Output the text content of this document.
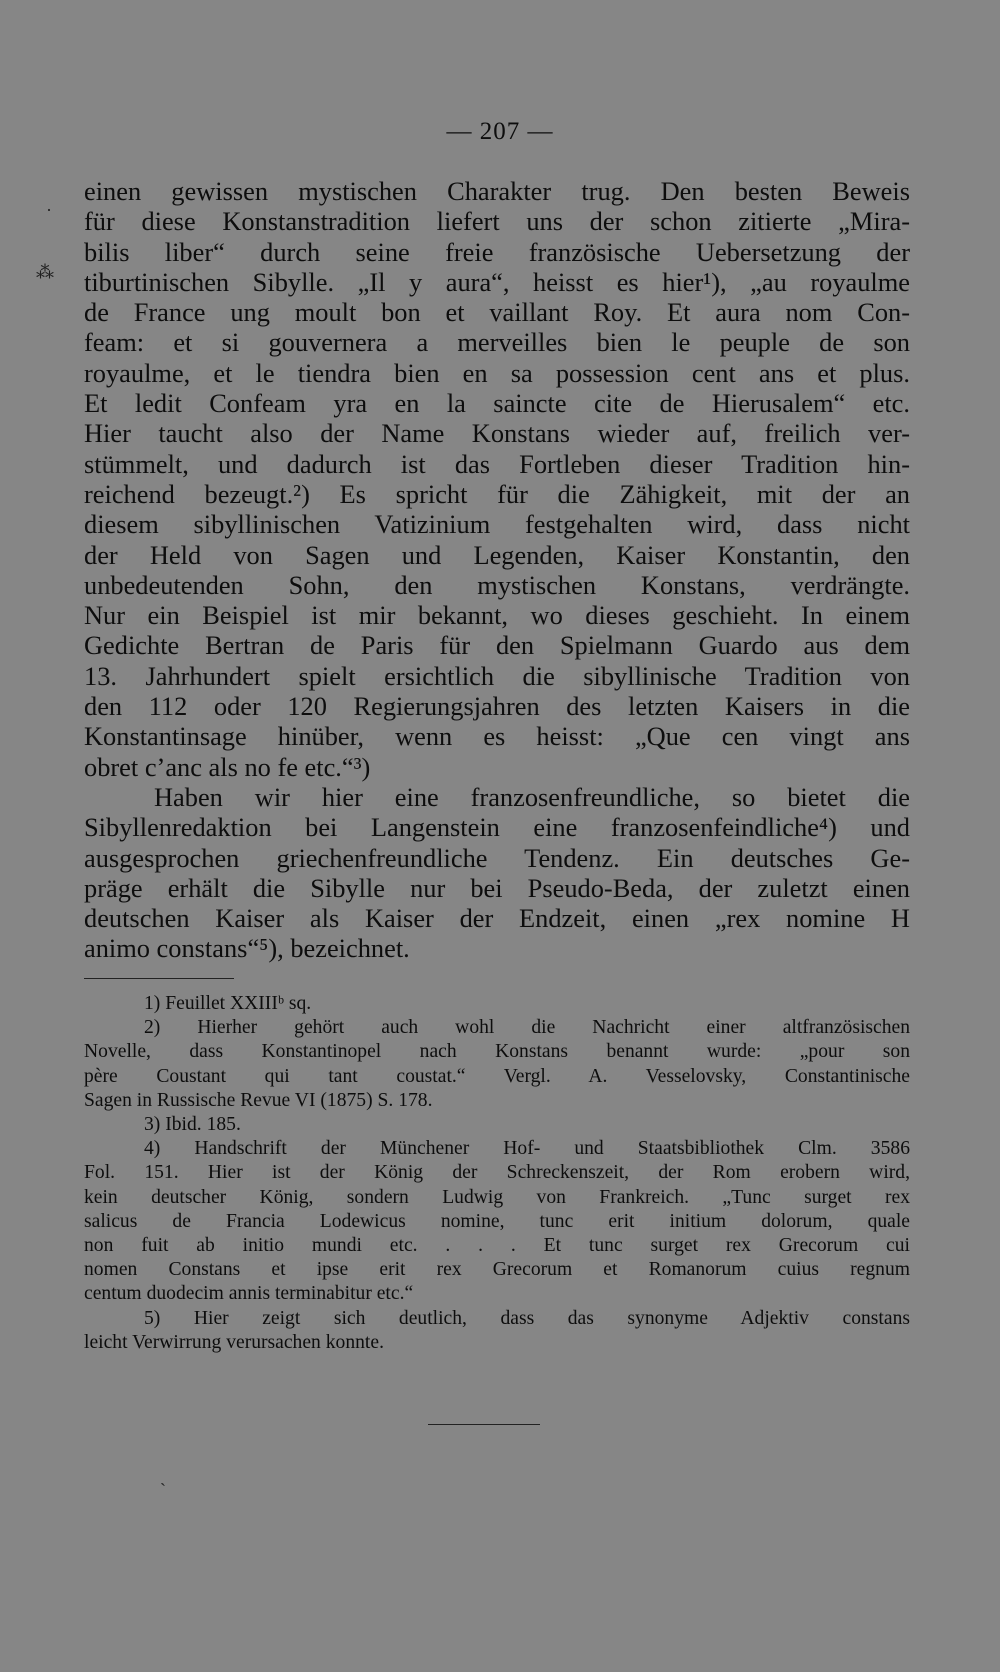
— 207 —
einen gewissen mystischen Charakter trug. Den besten Beweis
für diese Konstanstradition liefert uns der schon zitierte „Mira-
bilis liber“ durch seine freie französische Uebersetzung der
tiburtinischen Sibylle. „Il y aura“, heisst es hier¹), „au royaulme
de France ung moult bon et vaillant Roy. Et aura nom Con-
feam: et si gouvernera a merveilles bien le peuple de son
royaulme, et le tiendra bien en sa possession cent ans et plus.
Et ledit Confeam yra en la saincte cite de Hierusalem“ etc.
Hier taucht also der Name Konstans wieder auf, freilich ver-
stümmelt, und dadurch ist das Fortleben dieser Tradition hin-
reichend bezeugt.²) Es spricht für die Zähigkeit, mit der an
diesem sibyllinischen Vatizinium festgehalten wird, dass nicht
der Held von Sagen und Legenden, Kaiser Konstantin, den
unbedeutenden Sohn, den mystischen Konstans, verdrängte.
Nur ein Beispiel ist mir bekannt, wo dieses geschieht. In einem
Gedichte Bertran de Paris für den Spielmann Guardo aus dem
13. Jahrhundert spielt ersichtlich die sibyllinische Tradition von
den 112 oder 120 Regierungsjahren des letzten Kaisers in die
Konstantinsage hinüber, wenn es heisst: „Que cen vingt ans
obret c’anc als no fe etc.“³)
Haben wir hier eine franzosenfreundliche, so bietet die
Sibyllenredaktion bei Langenstein eine franzosenfeindliche⁴) und
ausgesprochen griechenfreundliche Tendenz. Ein deutsches Ge-
präge erhält die Sibylle nur bei Pseudo-Beda, der zuletzt einen
deutschen Kaiser als Kaiser der Endzeit, einen „rex nomine H
animo constans“⁵), bezeichnet.
1) Feuillet XXIIIᵇ sq.
2) Hierher gehört auch wohl die Nachricht einer altfranzösischen
Novelle, dass Konstantinopel nach Konstans benannt wurde: „pour son
père Coustant qui tant coustat.“ Vergl. A. Vesselovsky, Constantinische
Sagen in Russische Revue VI (1875) S. 178.
3) Ibid. 185.
4) Handschrift der Münchener Hof- und Staatsbibliothek Clm. 3586
Fol. 151. Hier ist der König der Schreckenszeit, der Rom erobern wird,
kein deutscher König, sondern Ludwig von Frankreich. „Tunc surget rex
salicus de Francia Lodewicus nomine, tunc erit initium dolorum, quale
non fuit ab initio mundi etc. . . . Et tunc surget rex Grecorum cui
nomen Constans et ipse erit rex Grecorum et Romanorum cuius regnum
centum duodecim annis terminabitur etc.“
5) Hier zeigt sich deutlich, dass das synonyme Adjektiv constans
leicht Verwirrung verursachen konnte.
·
⁂
ˎ
